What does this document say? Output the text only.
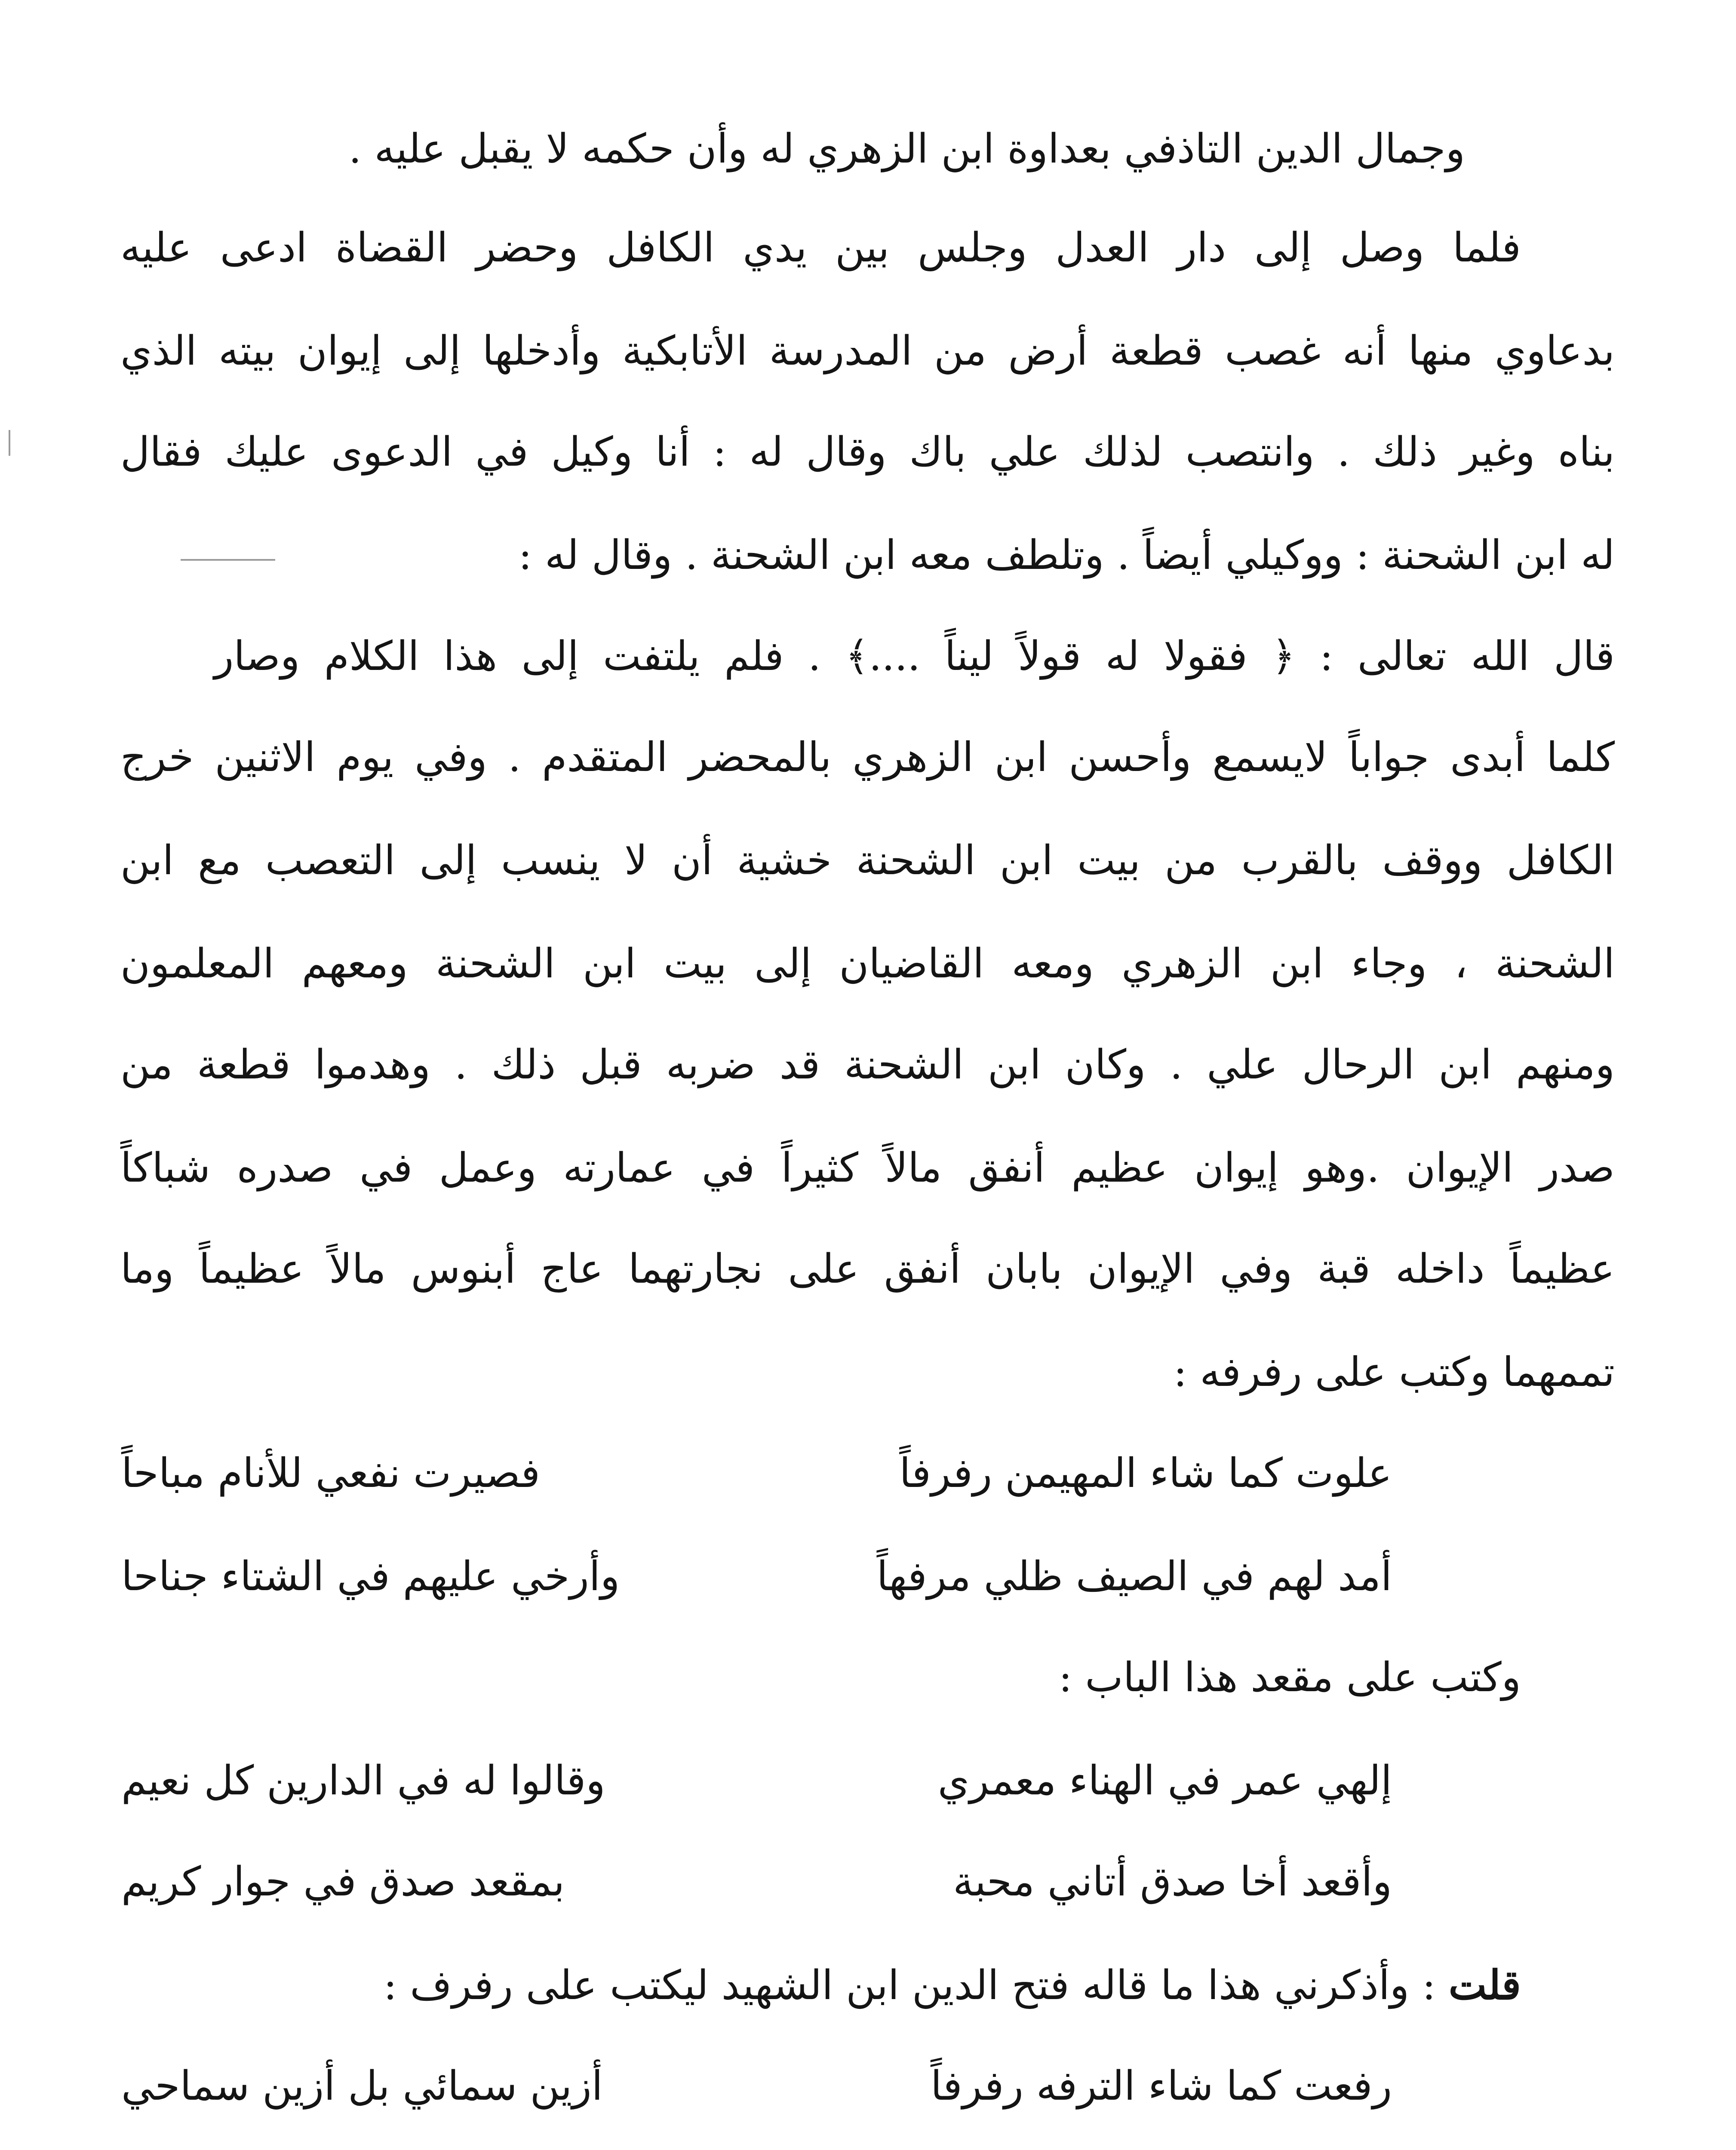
وجمال الدين التاذفي بعداوة ابن الزهري له وأن حكمه لا يقبل عليه .
فلما وصل إلى دار العدل وجلس بين يدي الكافل وحضر القضاة ادعى عليه
بدعاوي منها أنه غصب قطعة أرض من المدرسة الأتابكية وأدخلها إلى إيوان بيته الذي
بناه وغير ذلك . وانتصب لذلك علي باك وقال له : أنا وكيل في الدعوى عليك فقال
له ابن الشحنة : ووكيلي أيضاً . وتلطف معه ابن الشحنة . وقال له :
قال الله تعالى : ﴿ فقولا له قولاً ليناً ....﴾ . فلم يلتفت إلى هذا الكلام وصار
كلما أبدى جواباً لايسمع وأحسن ابن الزهري بالمحضر المتقدم . وفي يوم الاثنين خرج
الكافل ووقف بالقرب من بيت ابن الشحنة خشية أن لا ينسب إلى التعصب مع ابن
الشحنة ، وجاء ابن الزهري ومعه القاضيان إلى بيت ابن الشحنة ومعهم المعلمون
ومنهم ابن الرحال علي . وكان ابن الشحنة قد ضربه قبل ذلك . وهدموا قطعة من
صدر الإيوان .وهو إيوان عظيم أنفق مالاً كثيراً في عمارته وعمل في صدره شباكاً
عظيماً داخله قبة وفي الإيوان بابان أنفق على نجارتهما عاج أبنوس مالاً عظيماً وما
تممهما وكتب على رفرفه :
علوت كما شاء المهيمن رفرفاً
فصيرت نفعي للأنام مباحاً
أمد لهم في الصيف ظلي مرفهاً
وأرخي عليهم في الشتاء جناحا
وكتب على مقعد هذا الباب :
إلهي عمر في الهناء معمري
وقالوا له في الدارين كل نعيم
وأقعد أخا صدق أتاني محبة
بمقعد صدق في جوار كريم
قلت : وأذكرني هذا ما قاله فتح الدين ابن الشهيد ليكتب على رفرف :
رفعت كما شاء الترفه رفرفاً
أزين سمائي بل أزين سماحي
